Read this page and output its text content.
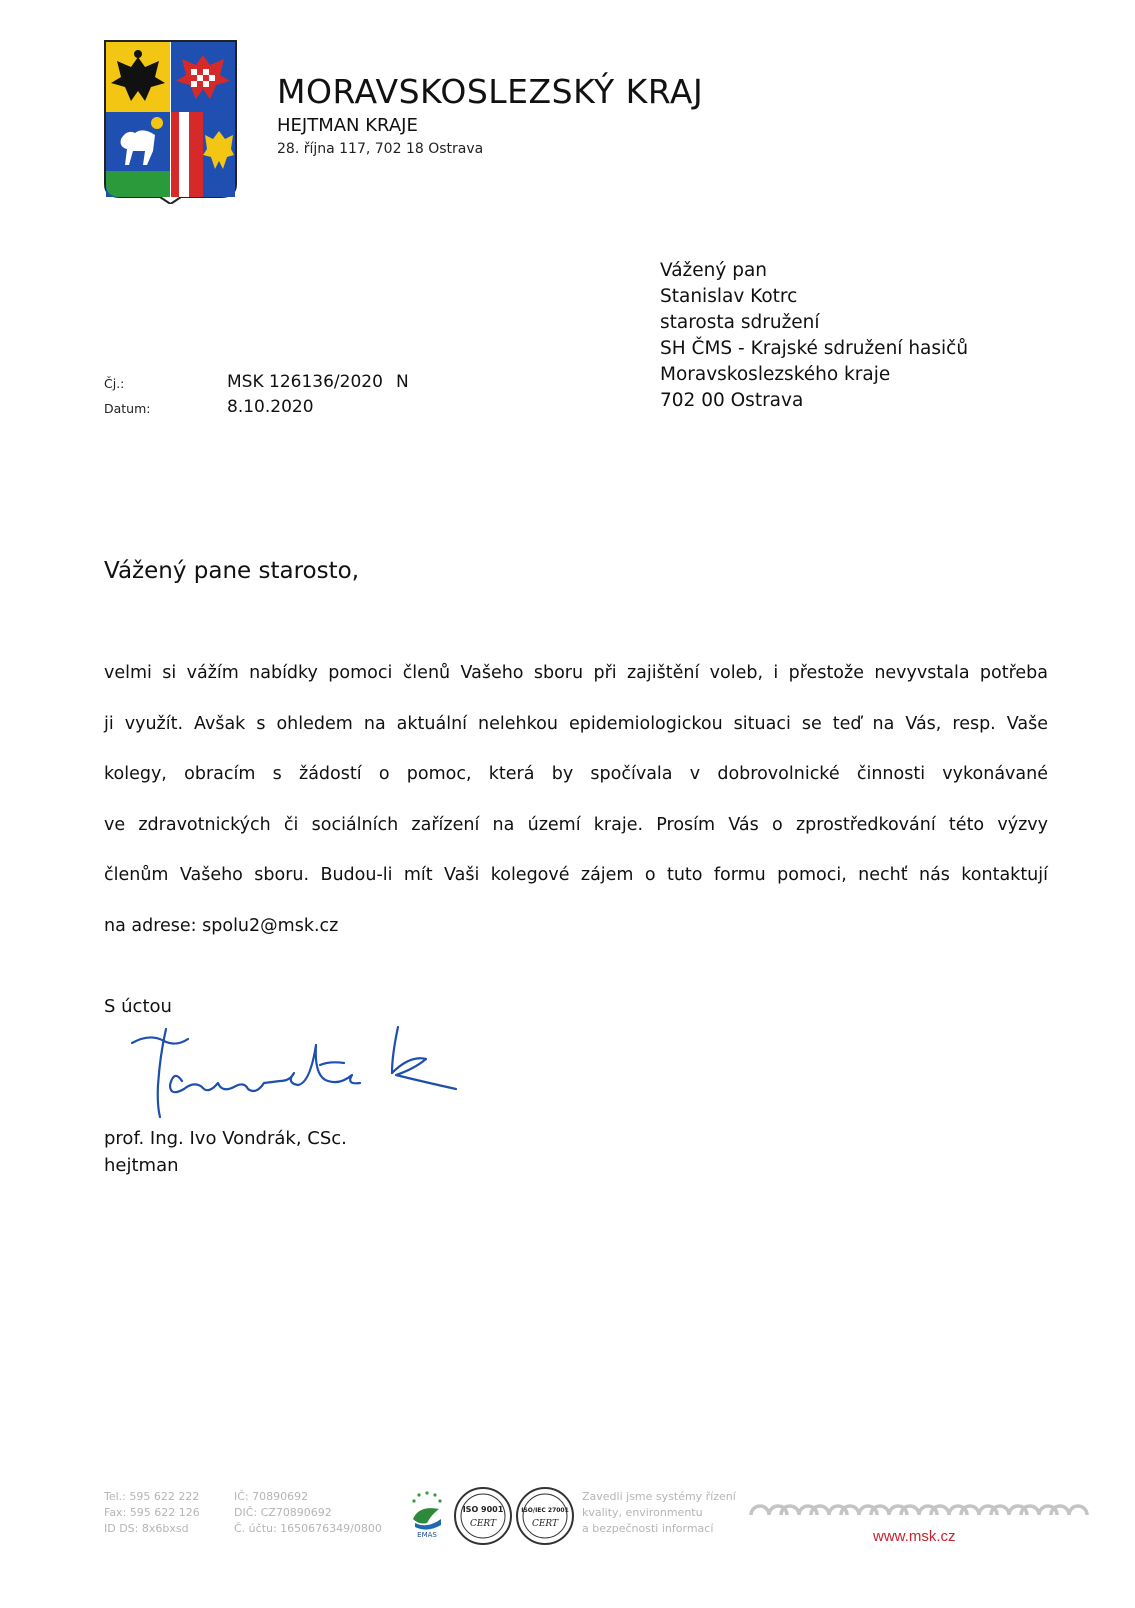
MORAVSKOSLEZSKÝ KRAJ
HEJTMAN KRAJE
28. října 117, 702 18 Ostrava
Vážený pan
Stanislav Kotrc
starosta sdružení
SH ČMS - Krajské sdružení hasičů
Moravskoslezského kraje
702 00 Ostrava
Čj.:	MSK 126136/2020 N
Datum:	8.10.2020
Vážený pane starosto,
velmi si vážím nabídky pomoci členů Vašeho sboru při zajištění voleb, i přestože nevyvstala potřeba
ji využít. Avšak s ohledem na aktuální nelehkou epidemiologickou situaci se teď na Vás, resp. Vaše
kolegy, obracím s žádostí o pomoc, která by spočívala v dobrovolnické činnosti vykonávané
ve zdravotnických či sociálních zařízení na území kraje. Prosím Vás o zprostředkování této výzvy
členům Vašeho sboru. Budou-li mít Vaši kolegové zájem o tuto formu pomoci, nechť nás kontaktují
na adrese: spolu2@msk.cz
S úctou
prof. Ing. Ivo Vondrák, CSc.
hejtman
Tel.: 595 622 222
Fax: 595 622 126
ID DS: 8x6bxsd
IČ: 70890692
DIČ: CZ70890692
Č. účtu: 1650676349/0800	EMAS
ISO 9001
CERT
ISO/IEC 27001
CERT
Zavedli jsme systémy řízení
kvality, environmentu
a bezpečnosti informací	www.msk.cz
